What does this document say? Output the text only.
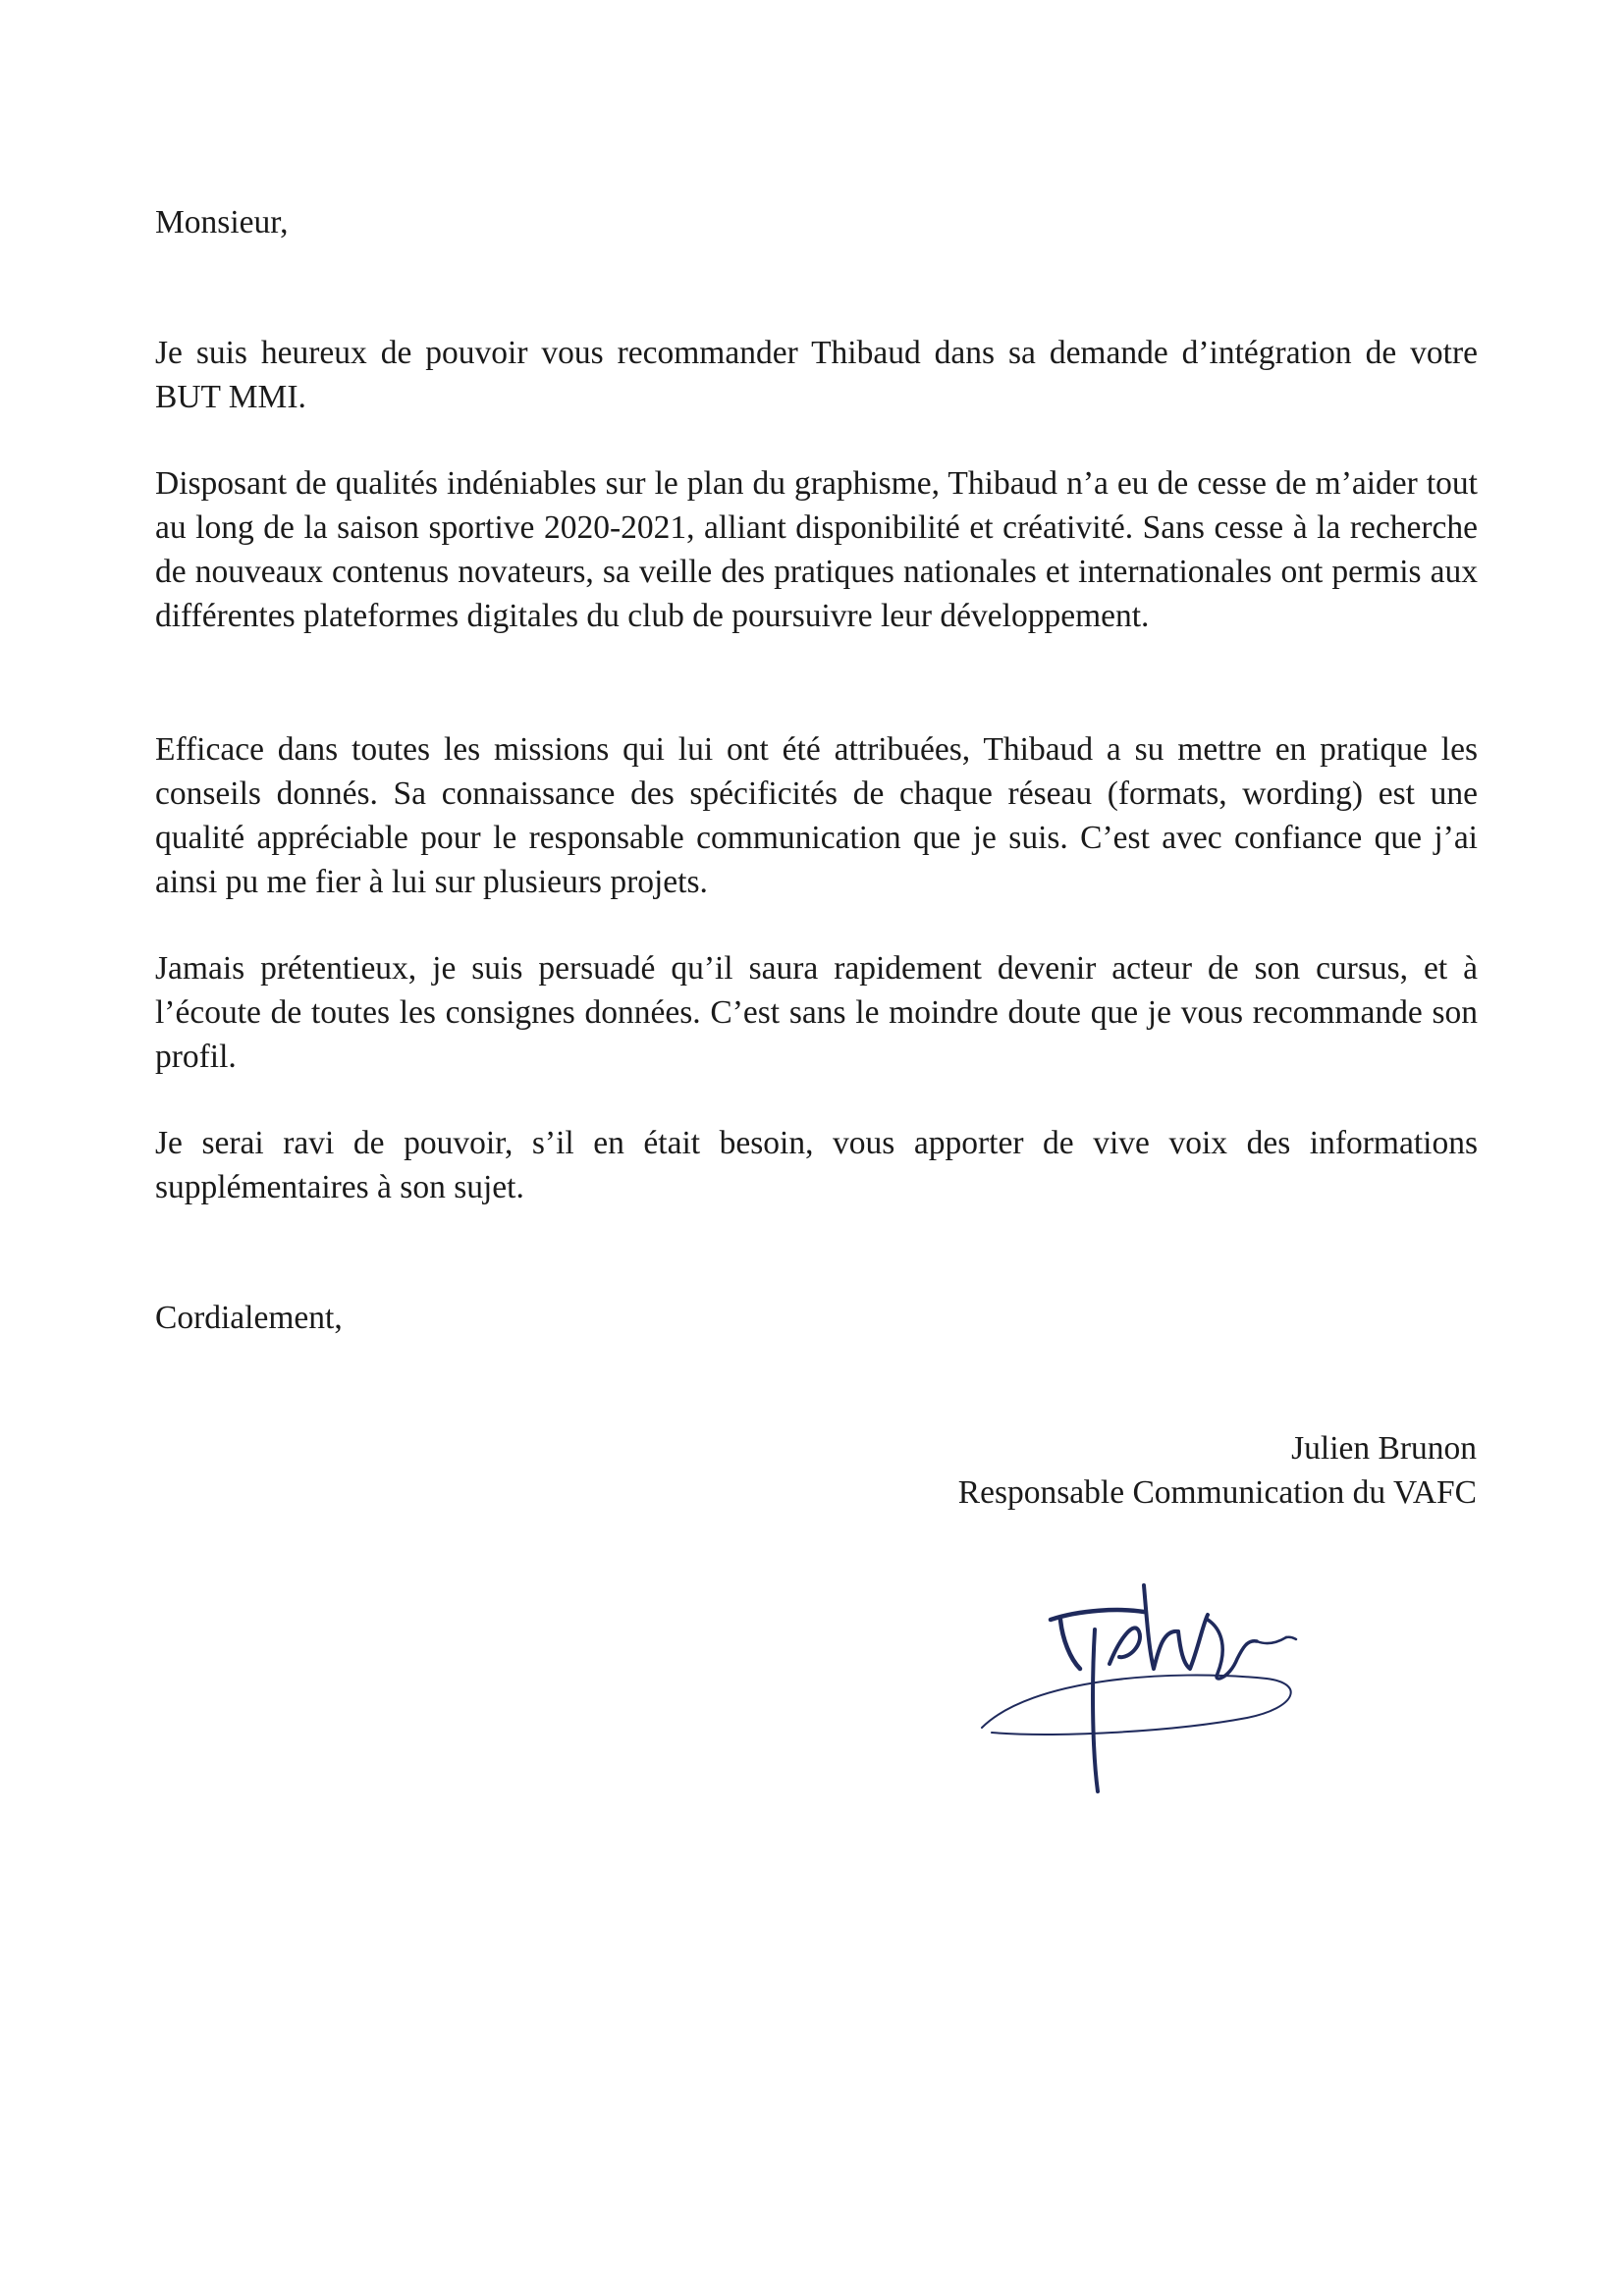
Monsieur,

Je suis heureux de pouvoir vous recommander Thibaud dans sa demande d’intégration de votre BUT MMI.

Disposant de qualités indéniables sur le plan du graphisme, Thibaud n’a eu de cesse de m’aider tout au long de la saison sportive 2020-2021, alliant disponibilité et créativité. Sans cesse à la recherche de nouveaux contenus novateurs, sa veille des pratiques nationales et internationales ont permis aux différentes plateformes digitales du club de poursuivre leur développement.

Efficace dans toutes les missions qui lui ont été attribuées, Thibaud a su mettre en pratique les conseils donnés. Sa connaissance des spécificités de chaque réseau (formats, wording) est une qualité appréciable pour le responsable communication que je suis. C’est avec confiance que j’ai ainsi pu me fier à lui sur plusieurs projets.

Jamais prétentieux, je suis persuadé qu’il saura rapidement devenir acteur de son cursus, et à l’écoute de toutes les consignes données. C’est sans le moindre doute que je vous recommande son profil.

Je serai ravi de pouvoir, s’il en était besoin, vous apporter de vive voix des informations supplémentaires à son sujet.

Cordialement,

Julien Brunon
Responsable Communication du VAFC
